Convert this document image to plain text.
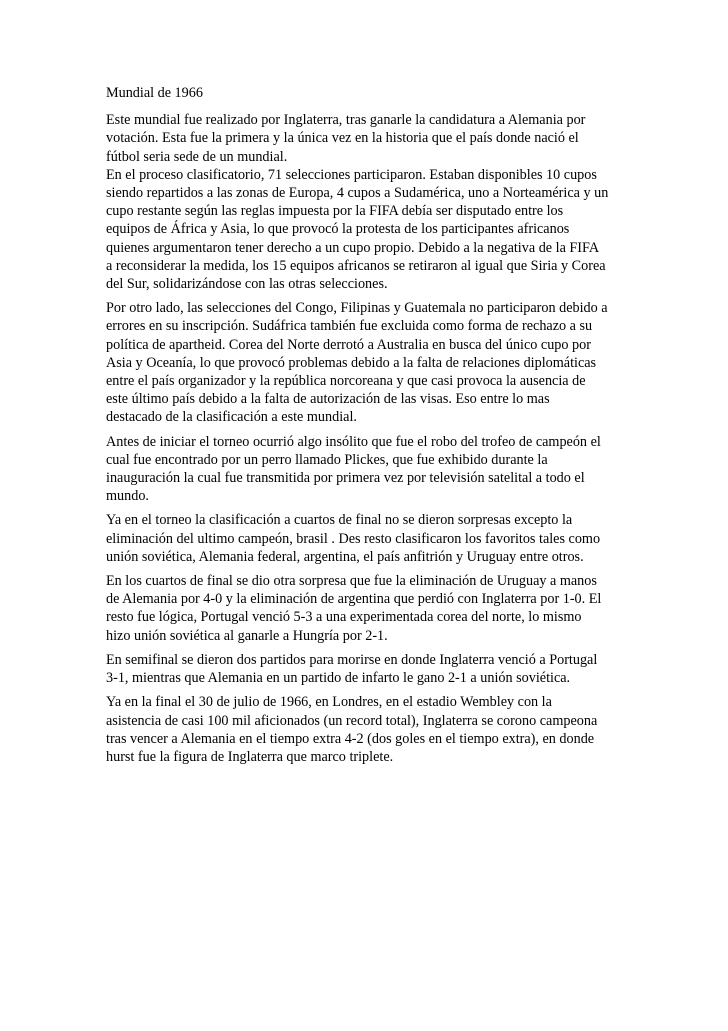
Mundial de 1966
Este mundial fue realizado por Inglaterra, tras ganarle la candidatura a Alemania por
votación. Esta fue la primera y la única vez en la historia que el país donde nació el
fútbol seria sede de un mundial.
En el proceso clasificatorio, 71 selecciones participaron. Estaban disponibles 10 cupos
siendo repartidos a las zonas de Europa, 4 cupos a Sudamérica, uno a Norteamérica y un
cupo restante según las reglas impuesta por la FIFA debía ser disputado entre los
equipos de África y Asia, lo que provocó la protesta de los participantes africanos
quienes argumentaron tener derecho a un cupo propio. Debido a la negativa de la FIFA
a reconsiderar la medida, los 15 equipos africanos se retiraron al igual que Siria y Corea
del Sur, solidarizándose con las otras selecciones.
Por otro lado, las selecciones del Congo, Filipinas y Guatemala no participaron debido a
errores en su inscripción. Sudáfrica también fue excluida como forma de rechazo a su
política de apartheid. Corea del Norte derrotó a Australia en busca del único cupo por
Asia y Oceanía, lo que provocó problemas debido a la falta de relaciones diplomáticas
entre el país organizador y la república norcoreana y que casi provoca la ausencia de
este último país debido a la falta de autorización de las visas. Eso entre lo mas
destacado de la clasificación a este mundial.
Antes de iniciar el torneo ocurrió algo insólito que fue el robo del trofeo de campeón el
cual fue encontrado por un perro llamado Plickes, que fue exhibido durante la
inauguración la cual fue transmitida por primera vez por televisión satelital a todo el
mundo.
Ya en el torneo la clasificación a cuartos de final no se dieron sorpresas excepto la
eliminación del ultimo campeón, brasil . Des resto clasificaron los favoritos tales como
unión soviética, Alemania federal, argentina, el país anfitrión y Uruguay entre otros.
En los cuartos de final se dio otra sorpresa que fue la eliminación de Uruguay a manos
de Alemania por 4-0 y la eliminación de argentina que perdió con Inglaterra por 1-0. El
resto fue lógica, Portugal venció 5-3 a una experimentada corea del norte, lo mismo
hizo unión soviética al ganarle a Hungría por 2-1.
En semifinal se dieron dos partidos para morirse en donde Inglaterra venció a Portugal
3-1, mientras que Alemania en un partido de infarto le gano 2-1 a unión soviética.
Ya en la final el 30 de julio de 1966, en Londres, en el estadio Wembley con la
asistencia de casi 100 mil aficionados (un record total), Inglaterra se corono campeona
tras vencer a Alemania en el tiempo extra 4-2 (dos goles en el tiempo extra), en donde
hurst fue la figura de Inglaterra que marco triplete.
